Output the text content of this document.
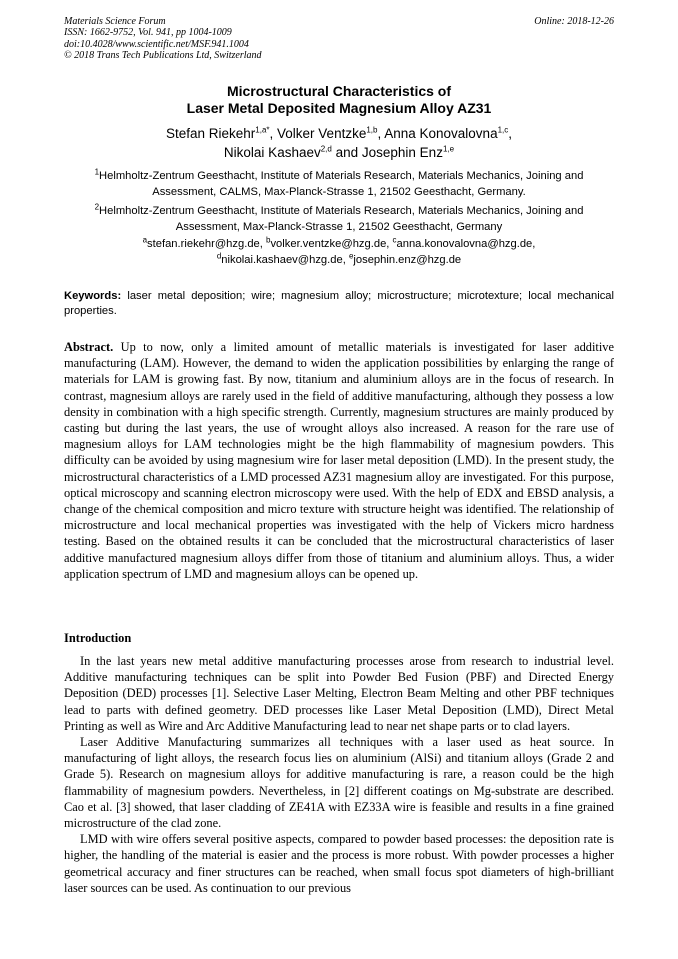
Materials Science Forum
ISSN: 1662-9752, Vol. 941, pp 1004-1009
doi:10.4028/www.scientific.net/MSF.941.1004
© 2018 Trans Tech Publications Ltd, Switzerland
Online: 2018-12-26
Microstructural Characteristics of
Laser Metal Deposited Magnesium Alloy AZ31
Stefan Riekehr$^{1,a*}$, Volker Ventzke$^{1,b}$, Anna Konovalovna$^{1,c}$,
Nikolai Kashaev$^{2,d}$ and Josephin Enz$^{1,e}$
$^1$Helmholtz-Zentrum Geesthacht, Institute of Materials Research, Materials Mechanics, Joining and Assessment, CALMS, Max-Planck-Strasse 1, 21502 Geesthacht, Germany.
$^2$Helmholtz-Zentrum Geesthacht, Institute of Materials Research, Materials Mechanics, Joining and Assessment, Max-Planck-Strasse 1, 21502 Geesthacht, Germany
$^a$stefan.riekehr@hzg.de, $^b$volker.ventzke@hzg.de, $^c$anna.konovalovna@hzg.de,
$^d$nikolai.kashaev@hzg.de, $^e$josephin.enz@hzg.de
Keywords: laser metal deposition; wire; magnesium alloy; microstructure; microtexture; local mechanical properties.

Abstract. Up to now, only a limited amount of metallic materials is investigated for laser additive manufacturing (LAM). However, the demand to widen the application possibilities by enlarging the range of materials for LAM is growing fast. By now, titanium and aluminium alloys are in the focus of research. In contrast, magnesium alloys are rarely used in the field of additive manufacturing, although they possess a low density in combination with a high specific strength. Currently, magnesium structures are mainly produced by casting but during the last years, the use of wrought alloys also increased. A reason for the rare use of magnesium alloys for LAM technologies might be the high flammability of magnesium powders. This difficulty can be avoided by using magnesium wire for laser metal deposition (LMD). In the present study, the microstructural characteristics of a LMD processed AZ31 magnesium alloy are investigated. For this purpose, optical microscopy and scanning electron microscopy were used. With the help of EDX and EBSD analysis, a change of the chemical composition and micro texture with structure height was identified. The relationship of microstructure and local mechanical properties was investigated with the help of Vickers micro hardness testing. Based on the obtained results it can be concluded that the microstructural characteristics of laser additive manufactured magnesium alloys differ from those of titanium and aluminium alloys. Thus, a wider application spectrum of LMD and magnesium alloys can be opened up.

Introduction

In the last years new metal additive manufacturing processes arose from research to industrial level. Additive manufacturing techniques can be split into Powder Bed Fusion (PBF) and Directed Energy Deposition (DED) processes [1]. Selective Laser Melting, Electron Beam Melting and other PBF techniques lead to parts with defined geometry. DED processes like Laser Metal Deposition (LMD), Direct Metal Printing as well as Wire and Arc Additive Manufacturing lead to near net shape parts or to clad layers.

Laser Additive Manufacturing summarizes all techniques with a laser used as heat source. In manufacturing of light alloys, the research focus lies on aluminium (AlSi) and titanium alloys (Grade 2 and Grade 5). Research on magnesium alloys for additive manufacturing is rare, a reason could be the high flammability of magnesium powders. Nevertheless, in [2] different coatings on Mg-substrate are described. Cao et al. [3] showed, that laser cladding of ZE41A with EZ33A wire is feasible and results in a fine grained microstructure of the clad zone.

LMD with wire offers several positive aspects, compared to powder based processes: the deposition rate is higher, the handling of the material is easier and the process is more robust. With powder processes a higher geometrical accuracy and finer structures can be reached, when small focus spot diameters of high-brilliant laser sources can be used. As continuation to our previous
